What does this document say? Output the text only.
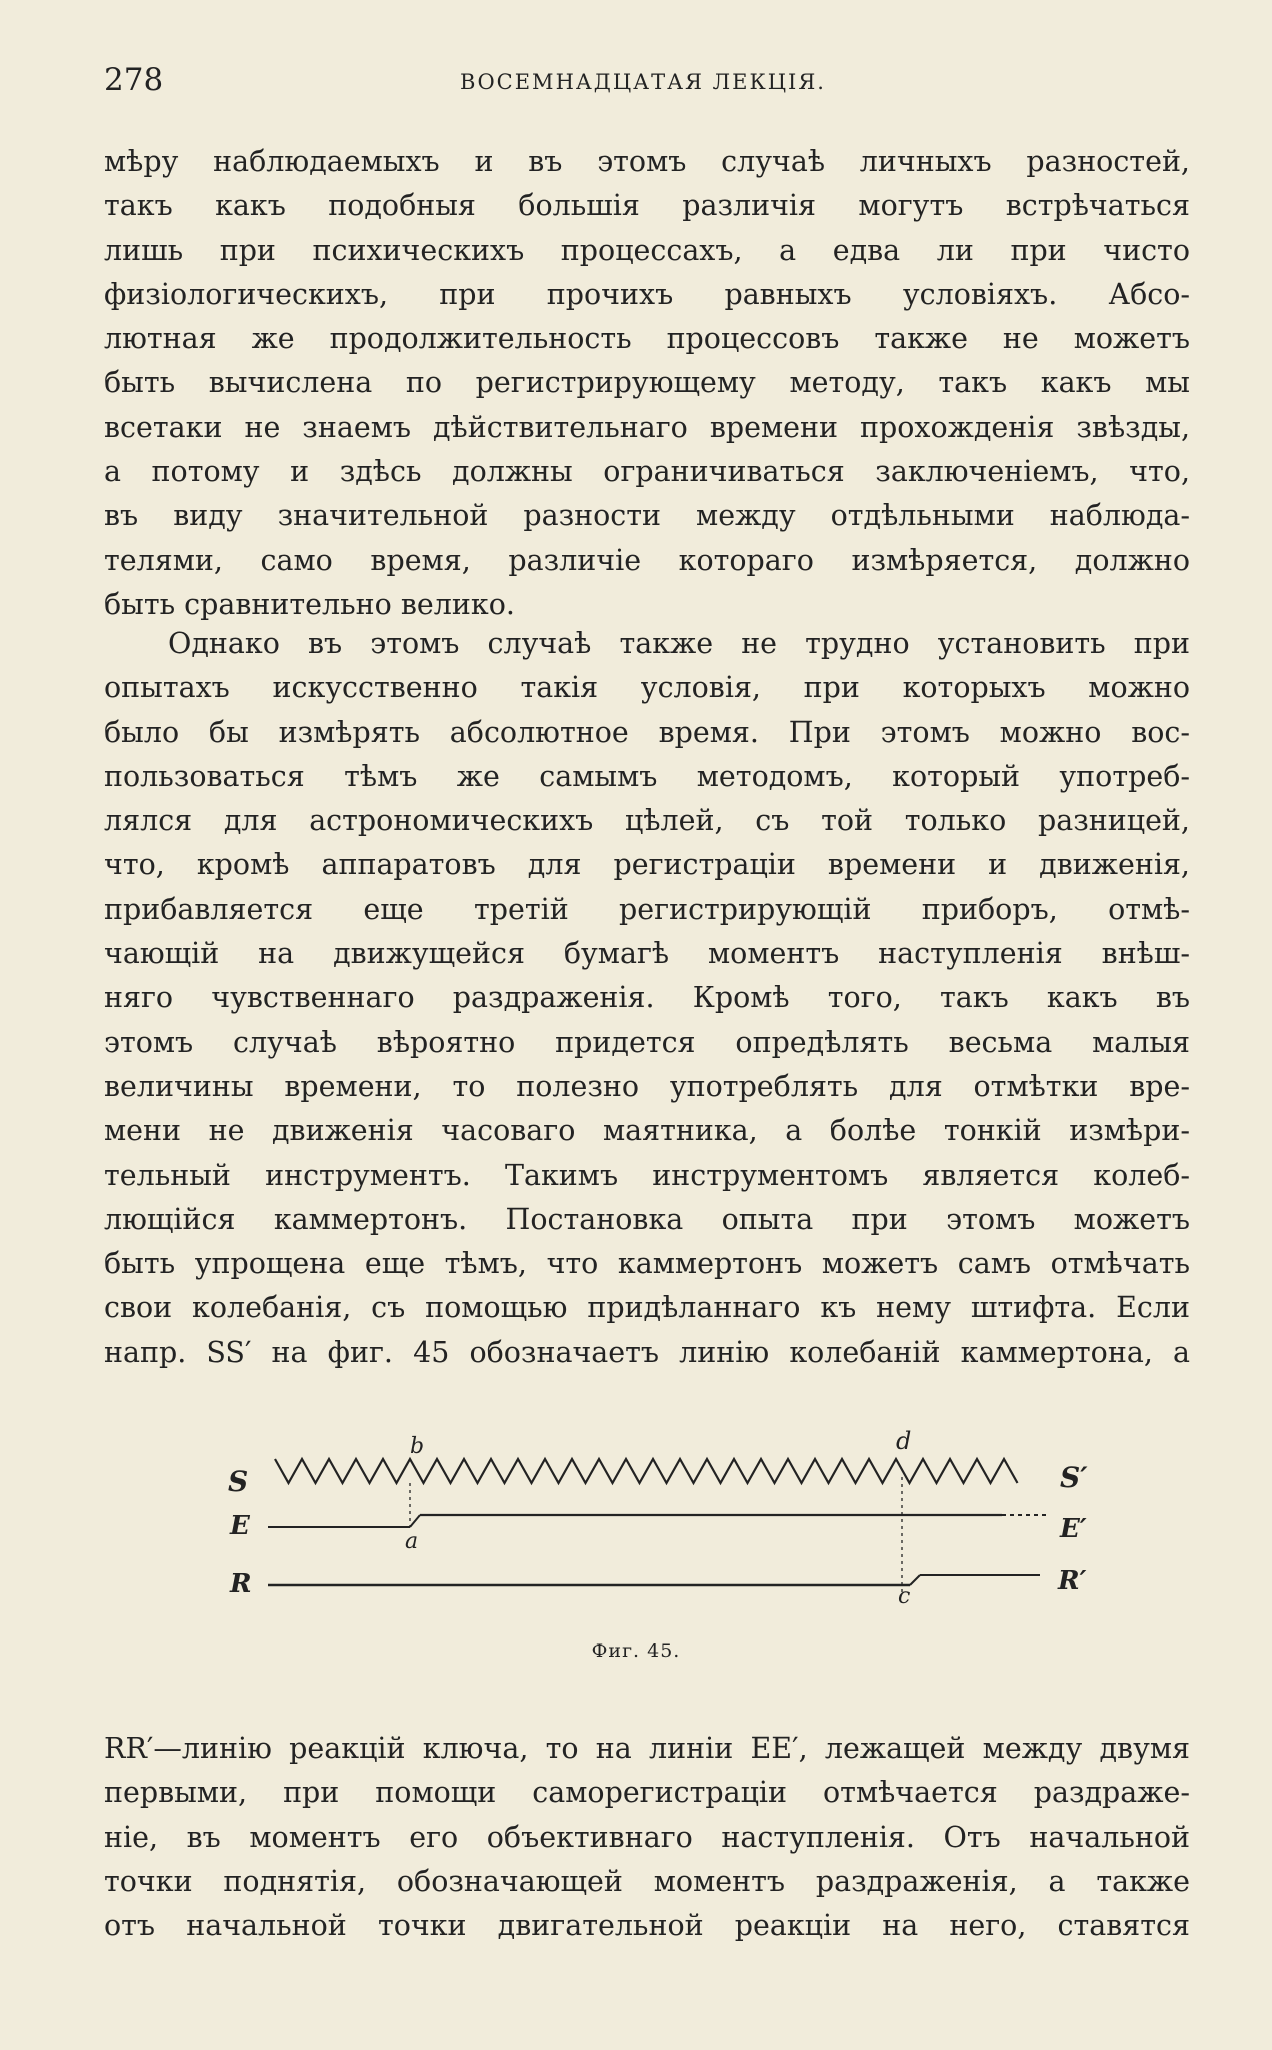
278	ВОСЕМНАДЦАТАЯ ЛЕКЦІЯ.
мѣру наблюдаемыхъ и въ этомъ случаѣ личныхъ разностей,
такъ какъ подобныя большія различія могутъ встрѣчаться
лишь при психическихъ процессахъ, а едва ли при чисто
физіологическихъ, при прочихъ равныхъ условіяхъ. Абсо-
лютная же продолжительность процессовъ также не можетъ
быть вычислена по регистрирующему методу, такъ какъ мы
всетаки не знаемъ дѣйствительнаго времени прохожденія звѣзды,
а потому и здѣсь должны ограничиваться заключеніемъ, что,
въ виду значительной разности между отдѣльными наблюда-
телями, само время, различіе котораго измѣряется, должно
быть сравнительно велико.
Однако въ этомъ случаѣ также не трудно установить при
опытахъ искусственно такія условія, при которыхъ можно
было бы измѣрять абсолютное время. При этомъ можно вос-
пользоваться тѣмъ же самымъ методомъ, который употреб-
лялся для астрономическихъ цѣлей, съ той только разницей,
что, кромѣ аппаратовъ для регистраціи времени и движенія,
прибавляется еще третій регистрирующій приборъ, отмѣ-
чающій на движущейся бумагѣ моментъ наступленія внѣш-
няго чувственнаго раздраженія. Кромѣ того, такъ какъ въ
этомъ случаѣ вѣроятно придется опредѣлять весьма малыя
величины времени, то полезно употреблять для отмѣтки вре-
мени не движенія часоваго маятника, а болѣе тонкій измѣри-
тельный инструментъ. Такимъ инструментомъ является колеб-
лющійся каммертонъ. Постановка опыта при этомъ можетъ
быть упрощена еще тѣмъ, что каммертонъ можетъ самъ отмѣчать
свои колебанія, съ помощью придѣланнаго къ нему штифта. Если
напр. SS′ на фиг. 45 обозначаетъ линію колебаній каммертона, а
S	S′
E	E′
R	R′
a
b
c
d
Фиг. 45.
RR′—линію реакцій ключа, то на линіи EE′, лежащей между двумя
первыми, при помощи саморегистраціи отмѣчается раздраже-
ніе, въ моментъ его объективнаго наступленія. Отъ начальной
точки поднятія, обозначающей моментъ раздраженія, а также
отъ начальной точки двигательной реакціи на него, ставятся
